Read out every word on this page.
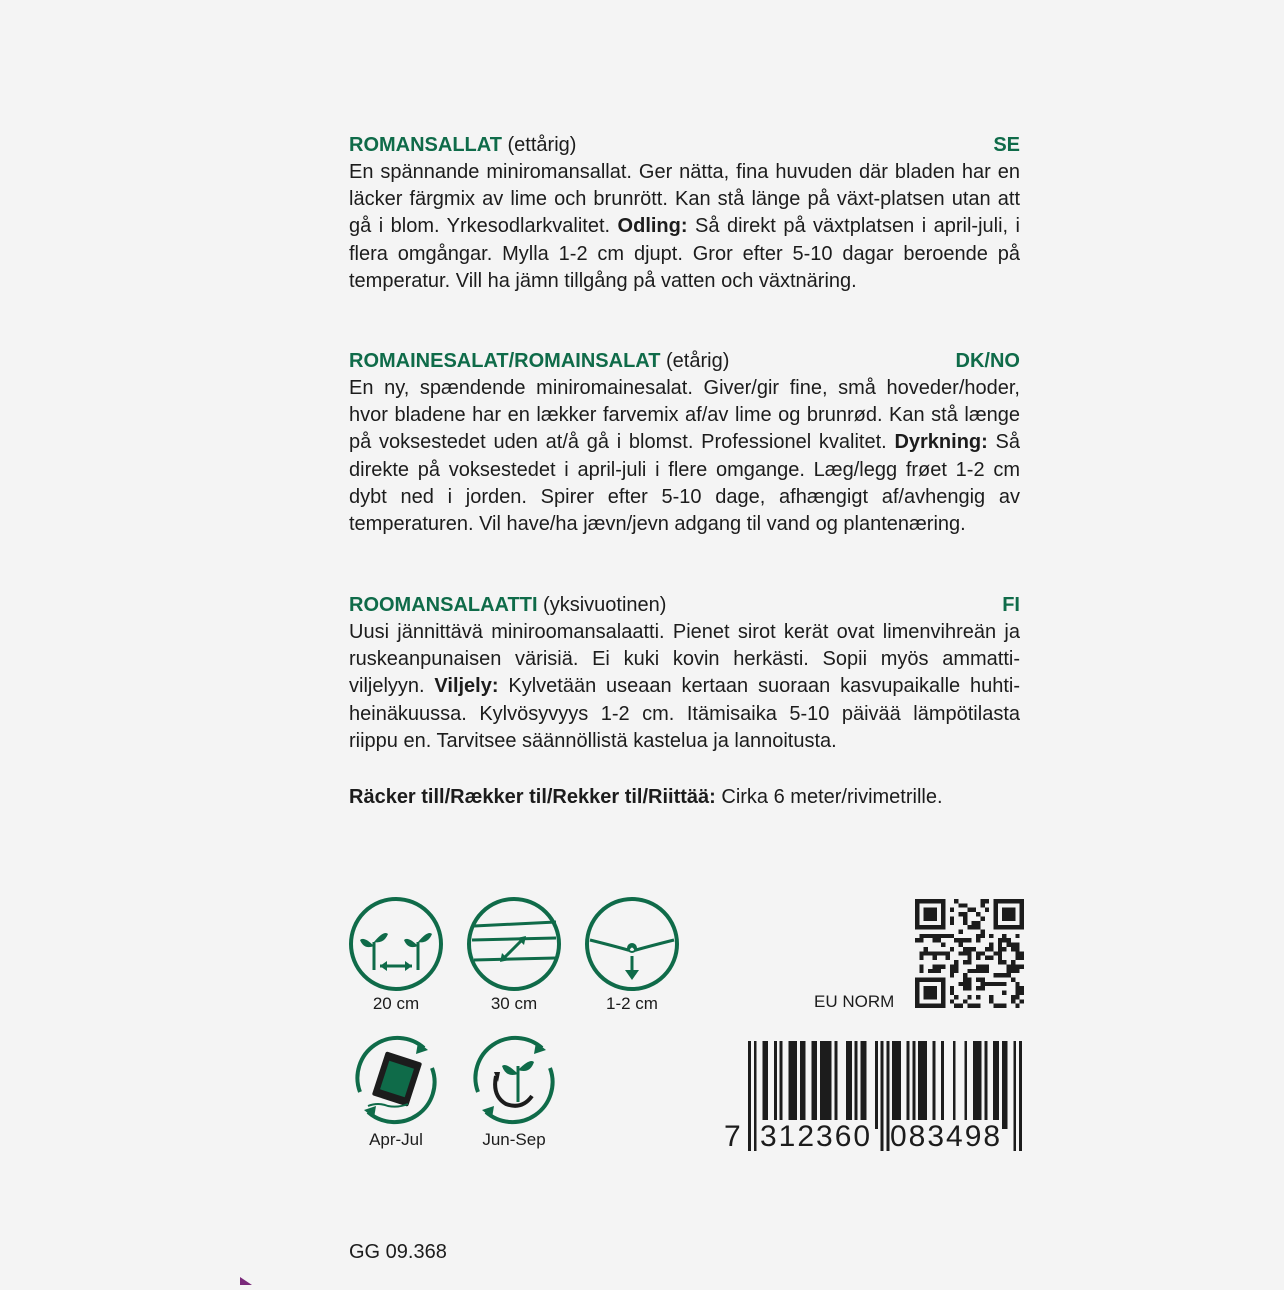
ROMANSALLAT (ettårig)	SE

En spännande miniromansallat. Ger nätta, fina huvuden där bladen har en läcker färgmix av lime och brunrött. Kan stå länge på växt-platsen utan att gå i blom. Yrkesodlarkvalitet. Odling: Så direkt på växtplatsen i april-juli, i flera omgångar. Mylla 1-2 cm djupt. Gror efter 5-10 dagar beroende på temperatur. Vill ha jämn tillgång på vatten och växtnäring.

ROMAINESALAT/ROMAINSALAT (etårig)	DK/NO

En ny, spændende miniromainesalat. Giver/gir fine, små hoveder/hoder, hvor bladene har en lækker farvemix af/av lime og brunrød. Kan stå længe på voksestedet uden at/å gå i blomst. Professionel kvalitet. Dyrkning: Så direkte på voksestedet i april-juli i flere omgange. Læg/legg frøet 1-2 cm dybt ned i jorden. Spirer efter 5-10 dage, afhængigt af/avhengig av temperaturen. Vil have/ha jævn/jevn adgang til vand og plantenæring.

ROOMANSALAATTI (yksivuotinen)	FI

Uusi jännittävä miniroomansalaatti. Pienet sirot kerät ovat limenvihreän ja ruskeanpunaisen värisiä. Ei kuki kovin herkästi. Sopii myös ammatti-viljelyyn. Viljely: Kylvetään useaan kertaan suoraan kasvupaikalle huhti-heinäkuussa. Kylvösyvyys 1-2 cm. Itämisaika 5-10 päivää lämpötilasta riippu en. Tarvitsee säännöllistä kastelua ja lannoitusta.

Räcker till/Rækker til/Rekker til/Riittää: Cirka 6 meter/rivimetrille.
20 cm	30 cm	1-2 cm
Apr-Jul	Jun-Sep
EU NORM
7 312360 083498
GG 09.368
